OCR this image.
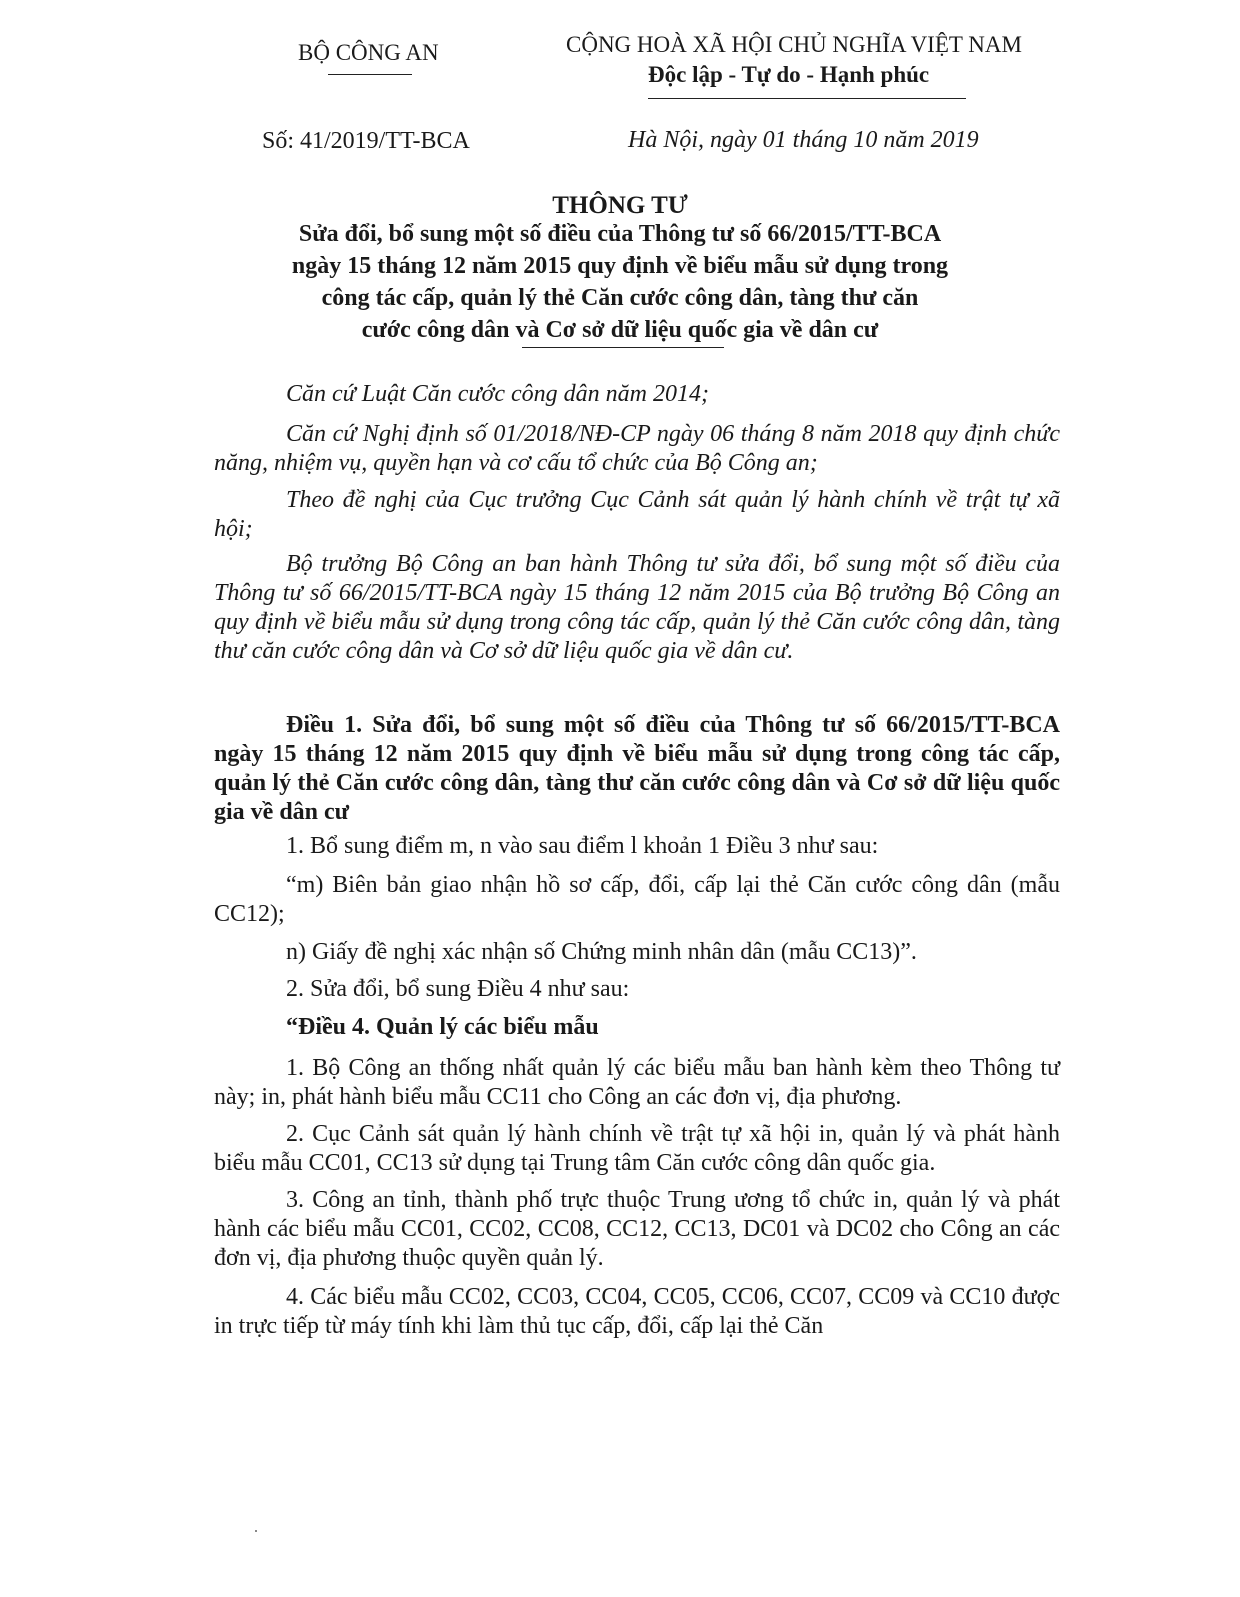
BỘ CÔNG AN	CỘNG HOÀ XÃ HỘI CHỦ NGHĨA VIỆT NAM
Độc lập - Tự do - Hạnh phúc
Số: 41/2019/TT-BCA	Hà Nội, ngày 01 tháng 10 năm 2019
THÔNG TƯ
Sửa đổi, bổ sung một số điều của Thông tư số 66/2015/TT-BCA
ngày 15 tháng 12 năm 2015 quy định về biểu mẫu sử dụng trong
công tác cấp, quản lý thẻ Căn cước công dân, tàng thư căn
cước công dân và Cơ sở dữ liệu quốc gia về dân cư
Căn cứ Luật Căn cước công dân năm 2014;
Căn cứ Nghị định số 01/2018/NĐ-CP ngày 06 tháng 8 năm 2018 quy định chức năng, nhiệm vụ, quyền hạn và cơ cấu tổ chức của Bộ Công an;
Theo đề nghị của Cục trưởng Cục Cảnh sát quản lý hành chính về trật tự xã hội;
Bộ trưởng Bộ Công an ban hành Thông tư sửa đổi, bổ sung một số điều của Thông tư số 66/2015/TT-BCA ngày 15 tháng 12 năm 2015 của Bộ trưởng Bộ Công an quy định về biểu mẫu sử dụng trong công tác cấp, quản lý thẻ Căn cước công dân, tàng thư căn cước công dân và Cơ sở dữ liệu quốc gia về dân cư.
Điều 1. Sửa đổi, bổ sung một số điều của Thông tư số 66/2015/TT-BCA ngày 15 tháng 12 năm 2015 quy định về biểu mẫu sử dụng trong công tác cấp, quản lý thẻ Căn cước công dân, tàng thư căn cước công dân và Cơ sở dữ liệu quốc gia về dân cư
1. Bổ sung điểm m, n vào sau điểm l khoản 1 Điều 3 như sau:
“m) Biên bản giao nhận hồ sơ cấp, đổi, cấp lại thẻ Căn cước công dân (mẫu CC12);
n) Giấy đề nghị xác nhận số Chứng minh nhân dân (mẫu CC13)”.
2. Sửa đổi, bổ sung Điều 4 như sau:
“Điều 4. Quản lý các biểu mẫu
1. Bộ Công an thống nhất quản lý các biểu mẫu ban hành kèm theo Thông tư này; in, phát hành biểu mẫu CC11 cho Công an các đơn vị, địa phương.
2. Cục Cảnh sát quản lý hành chính về trật tự xã hội in, quản lý và phát hành biểu mẫu CC01, CC13 sử dụng tại Trung tâm Căn cước công dân quốc gia.
3. Công an tỉnh, thành phố trực thuộc Trung ương tổ chức in, quản lý và phát hành các biểu mẫu CC01, CC02, CC08, CC12, CC13, DC01 và DC02 cho Công an các đơn vị, địa phương thuộc quyền quản lý.
4. Các biểu mẫu CC02, CC03, CC04, CC05, CC06, CC07, CC09 và CC10 được in trực tiếp từ máy tính khi làm thủ tục cấp, đổi, cấp lại thẻ Căn
